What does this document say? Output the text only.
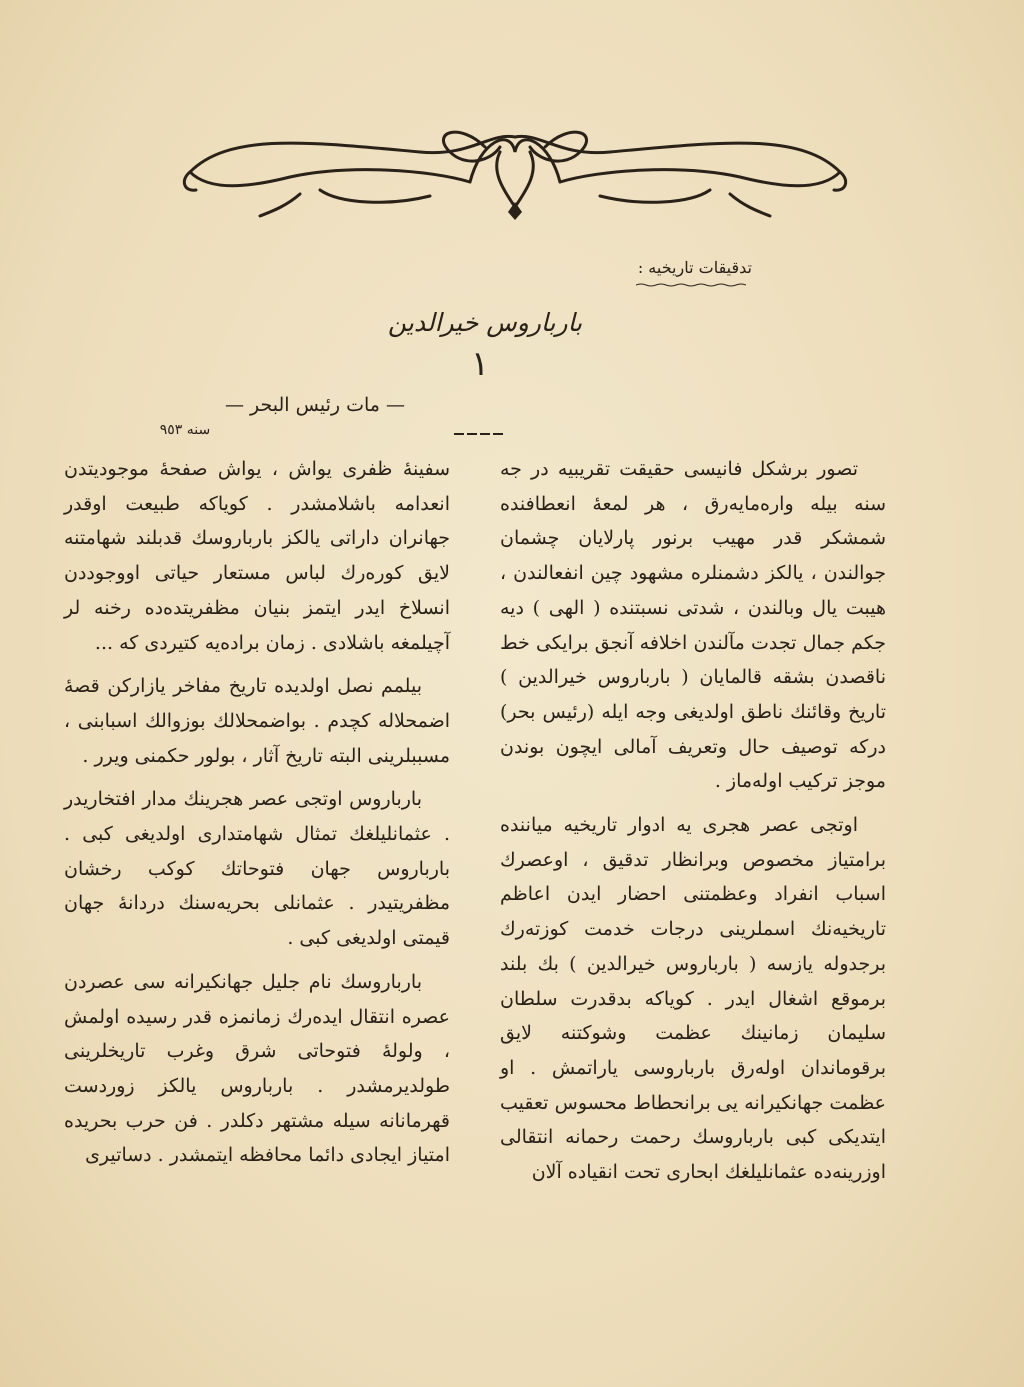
تدقيقات تاريخيه :
بارباروس خیرالدین
١
— مات رئيس البحر —
سنه ٩٥٣

تصور برشكل فانيسى حقيقت تقريبيه در جه سنه بيله وارەمايەرق ، هر لمعهٔ انعطافنده شمشكر قدر مهيب برنور پارلايان چشمان جوالندن ، يالكز دشمنلره مشهود چين انفعالندن ، هيبت يال وبالندن ، شدتى نسبتنده ( الهى ) ديه جكم جمال تجدت مآلندن اخلافه آنجق برايكى خط ناقصدن بشقه قالمايان ( بارباروس خيرالدين ) تاريخ وقائنك ناطق اولديغى وجه ايله (رئيس بحر) دركه توصيف حال وتعريف آمالى ايچون بوندن موجز تركيب اولەماز .

اوتجى عصر هجرى يه ادوار تاريخيه ميانندە برامتياز مخصوص وبرانظار تدقيق ، اوعصرك اسباب انفراد وعظمتنى احضار ايدن اعاظم تاريخيەنك اسملرينى درجات خدمت كوزتەرك برجدوله يازسه ( بارباروس خيرالدين ) بك بلند برموقع اشغال ايدر . كوياكه بدقدرت سلطان سليمان زمانينك عظمت وشوكتنه لايق برقوماندان اولەرق بارباروسى ياراتمش . او عظمت جهانكيرانه يى برانحطاط محسوس تعقيب ايتديكى كبى بارباروسك رحمت رحمانه انتقالى اوزرينەدە عثمانليلغك ابحارى تحت انقيادە آلان

سفينهٔ ظفرى يواش ، يواش صفحهٔ موجوديتدن انعدامه باشلامشدر . كوياكه طبيعت اوقدر جهانران داراتى يالكز بارباروسك قدبلند شهامتنه لايق كورەرك لباس مستعار حياتى اووجوددن انسلاخ ايدر ايتمز بنيان مظفريتدەدە رخنه لر آچيلمغه باشلادى . زمان برادەيه كتيردى كه ...

بيلمم نصل اولديده تاريخ مفاخر يازاركن قصهٔ اضمحلاله كچدم . بواضمحلالك بوزوالك اسبابنى ، مسببلرينى البته تاريخ آثار ، بولور حكمنى ويرر .

بارباروس اوتجى عصر هجرينك مدار افتخاريدر . عثمانليلغك تمثال شهامتدارى اولديغى كبى . بارباروس جهان فتوحاتك كوكب رخشان مظفريتيدر . عثمانلى بحريەسنك دردانهٔ جهان قيمتى اولديغى كبى .

بارباروسك نام جليل جهانكيرانه سى عصردن عصره انتقال ايدەرك زمانمزه قدر رسيده اولمش ، ولولهٔ فتوحاتى شرق وغرب تاريخلرينى طولديرمشدر . بارباروس يالكز زوردست قهرمانانه سيله مشتهر دكلدر . فن حرب بحريده امتياز ايجادى دائما محافظه ايتمشدر . دساتيرى
